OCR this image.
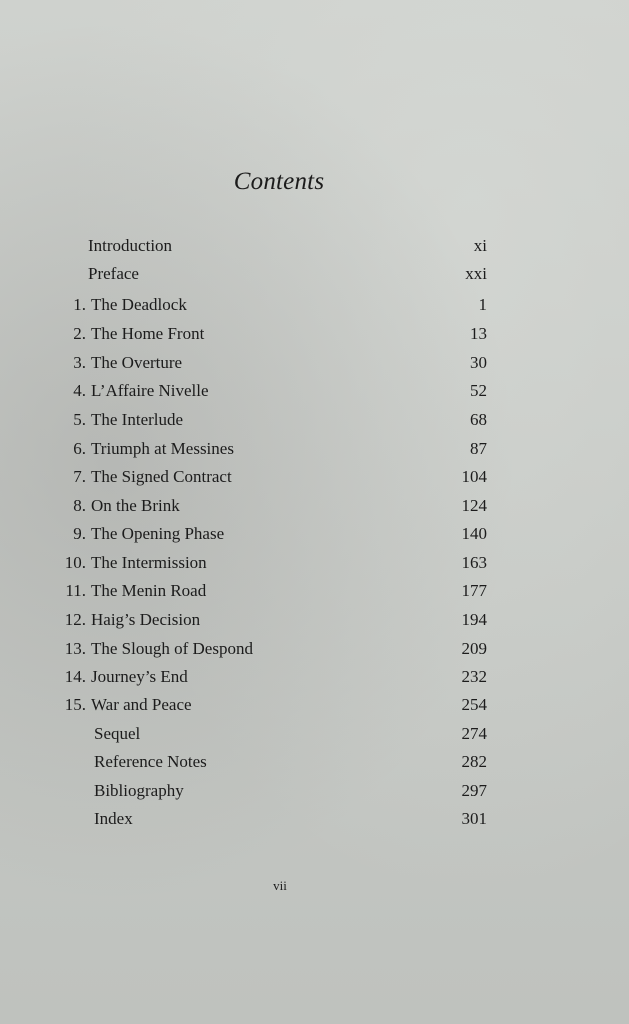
Contents
Introduction	xi
Preface	xxi
1. The Deadlock	1
2. The Home Front	13
3. The Overture	30
4. L’Affaire Nivelle	52
5. The Interlude	68
6. Triumph at Messines	87
7. The Signed Contract	104
8. On the Brink	124
9. The Opening Phase	140
10. The Intermission	163
11. The Menin Road	177
12. Haig’s Decision	194
13. The Slough of Despond	209
14. Journey’s End	232
15. War and Peace	254
Sequel	274
Reference Notes	282
Bibliography	297
Index	301
vii
